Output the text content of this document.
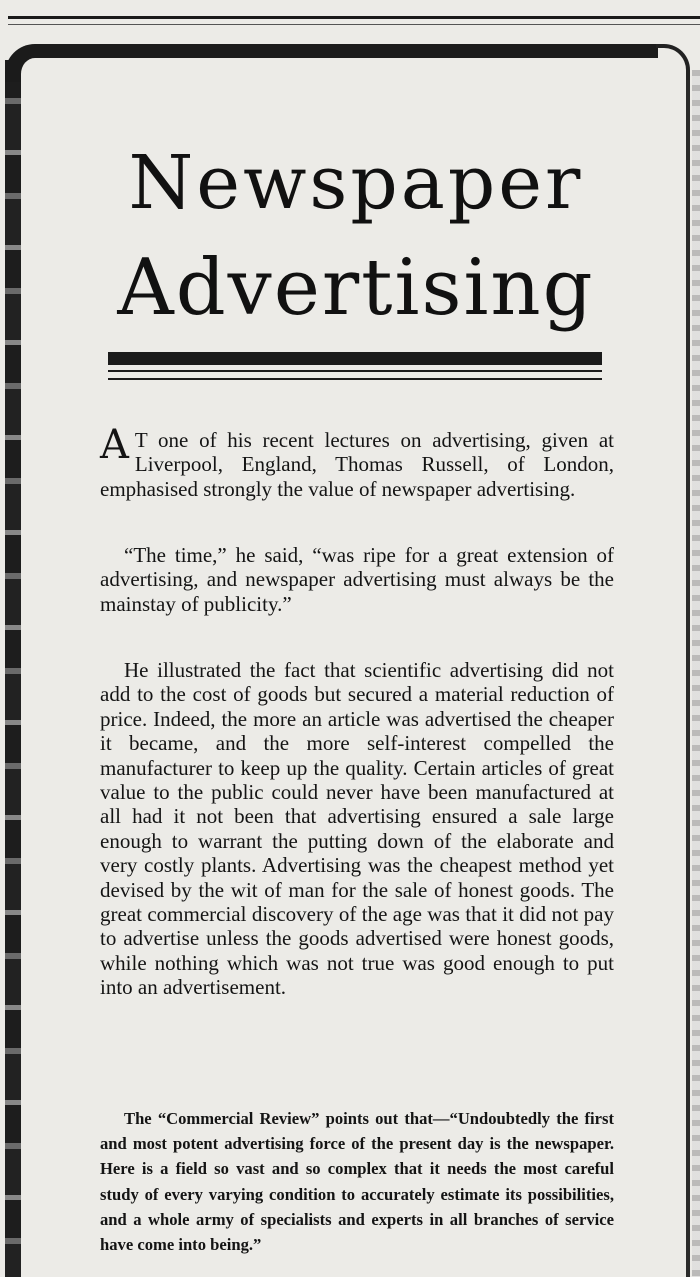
Newspaper
Advertising

A T one of his recent lectures on advertising, given at Liverpool, England, Thomas Russell, of London, emphasised strongly the value of newspaper advertising.

“The time,” he said, “was ripe for a great extension of advertising, and newspaper advertising must always be the mainstay of publicity.”

He illustrated the fact that scientific advertising did not add to the cost of goods but secured a material reduction of price. Indeed, the more an article was advertised the cheaper it became, and the more self-interest compelled the manufacturer to keep up the quality. Certain articles of great value to the public could never have been manufactured at all had it not been that advertising ensured a sale large enough to warrant the putting down of the elaborate and very costly plants. Advertising was the cheapest method yet devised by the wit of man for the sale of honest goods. The great commercial discovery of the age was that it did not pay to advertise unless the goods advertised were honest goods, while nothing which was not true was good enough to put into an advertisement.

The “Commercial Review” points out that—“Undoubtedly the first and most potent advertising force of the present day is the newspaper. Here is a field so vast and so complex that it needs the most careful study of every varying condition to accurately estimate its possibilities, and a whole army of specialists and experts in all branches of service have come into being.”
